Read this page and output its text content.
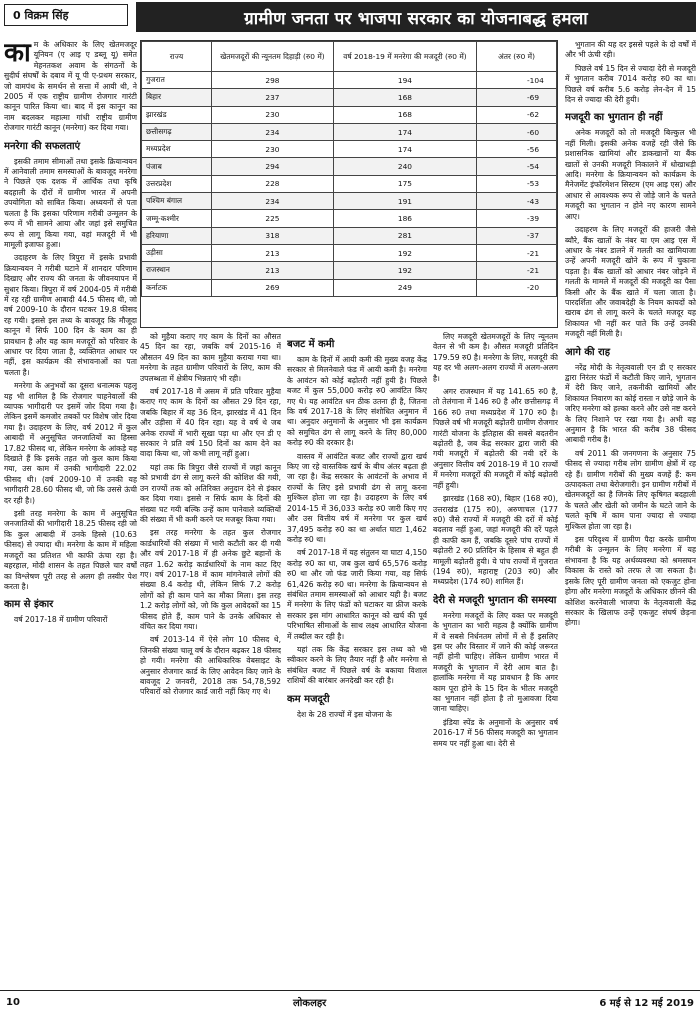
0 विक्रम सिंह	ग्रामीण जनता पर भाजपा सरकार का योजनाबद्ध हमला

काम के अधिकार के लिए खेतमजदूर यूनियन (ए आइ ए डब्लू यू) समेत मेहनतकश अवाम के संगठनों के सुदीर्घ संघर्षों के दबाव में यू पी ए-प्रथम सरकार, जो वामपंथ के समर्थन से सत्ता में आयी थी, ने 2005 में एक राष्ट्रीय ग्रामीण रोजगार गारंटी कानून पारित किया था। बाद में इस कानून का नाम बदलकर महात्मा गांधी राष्ट्रीय ग्रामीण रोजगार गारंटी कानून (मनरेगा) कर दिया गया।

मनरेगा की सफलताएं

इसकी तमाम सीमाओं तथा इसके क्रियान्वयन में आनेवाली तमाम समस्याओं के बावजूद मनरेगा ने पिछले एक दशक में आर्थिक तथा कृषि बदहाली के दौरों में ग्रामीण भारत में अपनी उपयोगिता को साबित किया। अध्ययनों से पता चलता है कि इसका परिणाम गरीबी उन्मूलन के रूप में भी सामने आया और जहां इसे समुचित रूप से लागू किया गया, वहां मजदूरी में भी मामूली इजाफा हुआ।

उदाहरण के लिए त्रिपुरा में इसके प्रभावी क्रियान्वयन ने गरीबी घटाने में शानदार परिणाम दिखाए और राज्य की जनता के जीवनयापन में सुधार किया। त्रिपुरा में वर्ष 2004-05 में गरीबी में रह रही ग्रामीण आबादी 44.5 फीसद थी, जो वर्ष 2009-10 के दौरान घटकर 19.8 फीसद रह गयी। इससे इस तथ्य के बावजूद कि मौजूदा कानून में सिर्फ 100 दिन के काम का ही प्रावधान है और यह काम मजदूरों को परिवार के आधार पर दिया जाता है, व्यक्तिगत आधार पर नहीं, इस कार्यक्रम की संभावनाओं का पता चलता है।

मनरेगा के अनुभवों का दूसरा धनात्मक पहलू यह भी शामिल है कि रोजगार चाहनेवालों की व्यापक भागीदारी पर इसमें जोर दिया गया है। लेकिन इसमें कमजोर तबकों पर विशेष जोर दिया गया है। उदाहरण के लिए, वर्ष 2012 में कुल आबादी में अनुसूचित जनजातियों का हिस्सा 17.82 फीसद था, लेकिन मनरेगा के आंकड़े यह दिखाते हैं कि इसके तहत जो कुल काम किया गया, उस काम में उनकी भागीदारी 22.02 फीसद थी। (वर्ष 2009-10 में उनकी यह भागीदारी 28.60 फीसद थी, जो कि उससे ऊंची दर रही है।)

इसी तरह मनरेगा के काम में अनुसूचित जनजातियों की भागीदारी 18.25 फीसद रही जो कि कुल आबादी में उनके हिस्से (10.63 फीसद) से ज्यादा थी। मनरेगा के काम में महिला मजदूरों का प्रतिशत भी काफी ऊंचा रहा है। बहरहाल, मोदी शासन के तहत पिछले चार वर्षों का विश्लेषण पूरी तरह से अलग ही तस्वीर पेश करता है।

काम से इंकार

वर्ष 2017-18 में ग्रामीण परिवारों

राज्य	खेतमजदूरों की न्यूनतम दिहाड़ी (रु0 में)	वर्ष 2018-19 में मनरेगा की मजदूरी (रु0 में)	अंतर (रु0 में)
गुजरात	298	194	-104
बिहार	237	168	-69
झारखंड	230	168	-62
छत्तीसगढ़	234	174	-60
मध्यप्रदेश	230	174	-56
पंजाब	294	240	-54
उत्तरप्रदेश	228	175	-53
पश्चिम बंगाल	234	191	-43
जम्मू-कश्मीर	225	186	-39
हरियाणा	318	281	-37
उड़ीसा	213	192	-21
राजस्थान	213	192	-21
कर्नाटक	269	249	-20

को मुहैया कराए गए काम के दिनों का औसत 45 दिन का रहा, जबकि वर्ष 2015-16 में औसतन 49 दिन का काम मुहैया कराया गया था। मनरेगा के तहत ग्रामीण परिवारों के लिए, काम की उपलब्धता में क्षेत्रीय भिन्नताएं भी रही।

वर्ष 2017-18 में असम में प्रति परिवार मुहैया कराए गए काम के दिनों का औसत 29 दिन रहा, जबकि बिहार में यह 36 दिन, झारखंड में 41 दिन और उड़ीसा में 40 दिन रहा। यह वे वर्ष थे जब अनेक राज्यों में भारी सूखा पड़ा था और एन डी ए सरकार ने प्रति वर्ष 150 दिनों का काम देने का वादा किया था, जो कभी लागू नहीं हुआ।

यहां तक कि त्रिपुरा जैसे राज्यों में जहां कानून को प्रभावी ढंग से लागू करने की कोशिश की गयी, उन राज्यों तक को अतिरिक्त अनुदान देने से इंकार कर दिया गया। इससे न सिर्फ काम के दिनों की संख्या घट गयी बल्कि उन्हें काम पानेवाले व्यक्तियों की संख्या में भी कमी करने पर मजबूर किया गया।

इस तरह मनरेगा के तहत कुल रोजगार कार्डधारियों की संख्या में भारी कटौती कर दी गयी और वर्ष 2017-18 में ही अनेक छुटे बहानों के तहत 1.62 करोड़ कार्डधारियों के नाम काट दिए गए। वर्ष 2017-18 में काम मांगनेवाले लोगों की संख्या 8.4 करोड़ थी, लेकिन सिर्फ 7.2 करोड़ लोगों को ही काम पाने का मौका मिला। इस तरह 1.2 करोड़ लोगों को, जो कि कुल आवेदकों का 15 फीसद होते हैं, काम पाने के उनके अधिकार से वंचित कर दिया गया।

वर्ष 2013-14 में ऐसे लोग 10 फीसद थे, जिनकी संख्या चालू वर्ष के दौरान बढ़कर 18 फीसद हो गयी। मनरेगा की आधिकारिक वेबसाइट के अनुसार रोजगार कार्ड के लिए आवेदन किए जाने के बावजूद 2 जनवरी, 2018 तक 54,78,592 परिवारों को रोजगार कार्ड जारी नहीं किए गए थे।

बजट में कमी

काम के दिनों में आयी कमी की मुख्य वजह केंद्र सरकार से मिलनेवाले फंड में आयी कमी है। मनरेगा के आवंटन को कोई बढ़ोतरी नहीं हुयी है। पिछले बजट में कुल 55,000 करोड़ रु0 आवंटित किए गए थे। यह आवंटित धन ठीक उतना ही है, जितना कि वर्ष 2017-18 के लिए संशोधित अनुमान में था। अनुदार अनुमानों के अनुसार भी इस कार्यक्रम को समुचित ढंग से लागू करने के लिए 80,000 करोड़ रु0 की दरकार है।

वास्तव में आवंटित बजट और राज्यों द्वारा खर्च किए जा रहे वास्तविक खर्च के बीच अंतर बढ़ता ही जा रहा है। केंद्र सरकार के आवंटनों के अभाव में राज्यों के लिए इसे प्रभावी ढंग से लागू करना मुश्किल होता जा रहा है। उदाहरण के लिए वर्ष 2014-15 में 36,033 करोड़ रु0 जारी किए गए और उस वित्तीय वर्ष में मनरेगा पर कुल खर्च 37,495 करोड़ रु0 का था अर्थात घाटा 1,462 करोड़ रु0 था।

वर्ष 2017-18 में यह संतुलन या घाटा 4,150 करोड़ रु0 का था, जब कुल खर्च 65,576 करोड़ रु0 था और जो फंड जारी किया गया, वह सिर्फ 61,426 करोड़ रु0 था। मनरेगा के क्रियान्वयन से संबंधित तमाम समस्याओं को आधार यही है। बजट में मनरेगा के लिए फंडों को घटाकर या फ्रीज करके सरकार इस मांग आधारित कानून को खर्च की पूर्व परिभाषित सीमाओं के साथ लक्ष्य आधारित योजना में तब्दील कर रही है।

यहां तक कि केंद्र सरकार इस तथ्य को भी स्वीकार करने के लिए तैयार नहीं है और मनरेगा से संबंधित बजट में पिछले वर्ष के बकाया विशाल राशियों की बारंबार अनदेखी कर रही है।

कम मजदूरी

देश के 28 राज्यों में इस योजना के

लिए मजदूरी खेतमजदूरों के लिए न्यूनतम वेतन से भी कम है। औसत मजदूरी प्रतिदिन 179.59 रु0 है। मनरेगा के लिए, मजदूरी की यह दर भी अलग-अलग राज्यों में अलग-अलग है।

अगर राजस्थान में यह 141.65 रु0 है, तो तेलंगाना में 146 रु0 है और छत्तीसगढ़ में 166 रु0 तथा मध्यप्रदेश में 170 रु0 है। पिछले वर्ष भी मजदूरी बढ़ोतरी ग्रामीण रोजगार गारंटी योजना के इतिहास की सबसे बदतरीन बढ़ोतरी है, जब केंद्र सरकार द्वारा जारी की गयी मजदूरी में बढ़ोतरी की नयी दरें के अनुसार वित्तीय वर्ष 2018-19 में 10 राज्यों में मनरेगा मजदूरों की मजदूरी में कोई बढ़ोतरी नहीं हुयी।

झारखंड (168 रु0), बिहार (168 रु0), उत्तराखंड (175 रु0), अरुणाचल (177 रु0) जैसे राज्यों में मजदूरी की दरों में कोई बदलाव नहीं हुआ, जहां मजदूरी की दरें पहले ही काफी कम हैं, जबकि दूसरे पांच राज्यों में बढ़ोतरी 2 रु0 प्रतिदिन के हिसाब से बहुत ही मामूली बढ़ोतरी हुयी। ये पांच राज्यों में गुजरात (194 रु0), महाराष्ट्र (203 रु0) और मध्यप्रदेश (174 रु0) शामिल हैं।

देरी से मजदूरी भुगतान की समस्या

मनरेगा मजदूरों के लिए वक्त पर मजदूरी के भुगतान का भारी महत्व है क्योंकि ग्रामीण में वे सबसे निर्धनतम लोगों में से हैं इसलिए इस पर और विस्तार में जाने की कोई जरूरत नहीं होनी चाहिए। लेकिन ग्रामीण भारत में मजदूरी के भुगतान में देरी आम बात है। हालांकि मनरेगा में यह प्रावधान है कि अगर काम पूरा होने के 15 दिन के भीतर मजदूरी का भुगतान नहीं होता है तो मुआवजा दिया जाना चाहिए।

इंडिया स्पेंड के अनुमानों के अनुसार वर्ष 2016-17 में 56 फीसद मजदूरी का भुगतान समय पर नहीं हुआ था। देरी से

भुगतान की यह दर इससे पहले के दो वर्षों में और भी ऊंची रही।

पिछले वर्ष 15 दिन से ज्यादा देरी से मजदूरी में भुगतान करीब 7014 करोड़ रु0 का था। पिछले वर्ष करीब 5.6 करोड़ लेन-देन में 15 दिन से ज्यादा की देरी हुयी।

मजदूरी का भुगतान ही नहीं

अनेक मजदूरों को तो मजदूरी बिल्कुल भी नहीं मिली। इसकी अनेक वजहें रही जैसे कि प्रशासनिक खामियां और डाकखानों या बैंक खातों से उनकी मजदूरी निकालने में धोखाधड़ी आदि। मनरेगा के क्रियान्वयन को कार्यक्रम के मैनेजमेंट इंफॉरमेशन सिस्टम (एम आइ एस) और आधार से आवश्यक रूप से जोड़े जाने के चलते मजदूरी का भुगतान न होने नए कारण सामने आए।

उदाहरण के लिए मजदूरों की हाजरी जैसे ब्यौरे, बैंक खातों के नंबर या एम आइ एस में आधार के नंबर डालने में गलती का खामियाजा उन्हें अपनी मजदूरी खोने के रूप में चुकाना पड़ता है। बैंक खातों को आधार नंबर जोड़ने में गलती के मामले में मजदूरों की मजदूरी का पैसा किसी और के बैंक खाते में चला जाता है। पारदर्शिता और जवाबदेही के नियम कायदों को खराब ढंग से लागू करने के चलते मजदूर यह शिकायत भी नहीं कर पाते कि उन्हें उनकी मजदूरी नहीं मिली है।

आगे की राह

नरेंद्र मोदी के नेतृत्ववाली एन डी ए सरकार द्वारा निरंतर फंडों में कटौती किए जाने, भुगतान में देरी किए जाने, तकनीकी खामियों और शिकायत निवारण का कोई रास्ता न छोड़े जाने के जरिए मनरेगा को हल्का करने और उसे नष्ट करने के लिए निशाने पर रखा गया है। अभी यह अनुमान है कि भारत की करीब 38 फीसद आबादी गरीब है।

वर्ष 2011 की जनगणना के अनुसार 75 फीसद से ज्यादा गरीब लोग ग्रामीण क्षेत्रों में रह रहे हैं। ग्रामीण गरीबों की मुख्य वजहें हैं: कम उत्पादकता तथा बेरोजगारी। इन ग्रामीण गरीबों में खेतमजदूरों का है जिनके लिए कृषिगत बदहाली के चलते और खेती को जमीन के घटते जाने के चलते कृषि में काम पाना ज्यादा से ज्यादा मुश्किल होता जा रहा है।

इस परिदृश्य में ग्रामीण पैदा करके ग्रामीण गरीबी के उन्मूलन के लिए मनरेगा में यह संभावना है कि यह अर्थव्यवस्था को श्रमसघन विकास के रास्ते को तरफ ले जा सकता है। इसके लिए पूरी ग्रामीण जनता को एकजुट होना होगा और मनरेगा मजदूरों के अधिकार छीनने की कोशिश करनेवाली भाजपा के नेतृत्ववाली केंद्र सरकार के खिलाफ उन्हें एकजुट संघर्ष छेड़ना होगा।

10	लोकलहर	6 मई से 12 मई 2019
